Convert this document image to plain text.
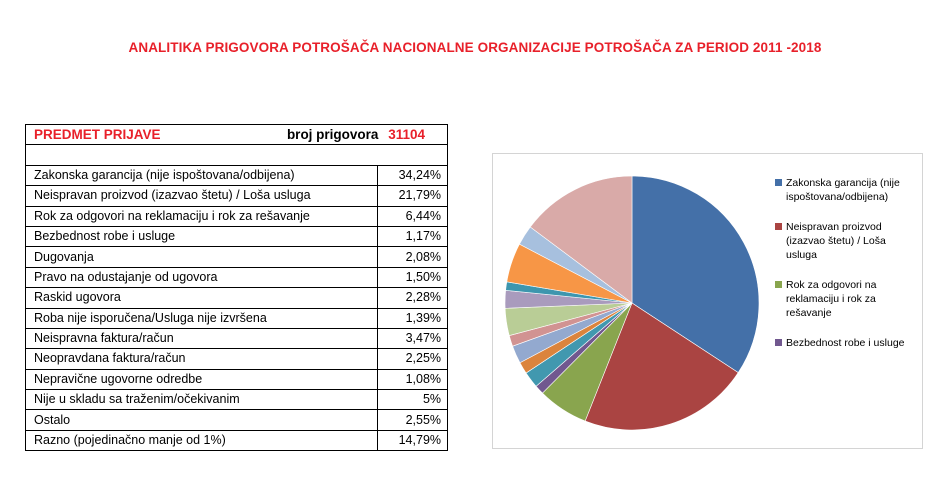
ANALITIKA PRIGOVORA POTROŠAČA NACIONALNE ORGANIZACIJE POTROŠAČA ZA PERIOD 2011 -2018
PREDMET PRIJAVE broj prigovora 31104	

Zakonska garancija (nije ispoštovana/odbijena)	34,24%
Neispravan proizvod (izazvao štetu) / Loša usluga	21,79%
Rok za odgovori na reklamaciju i rok za rešavanje	6,44%
Bezbednost robe i usluge	1,17%
Dugovanja	2,08%
Pravo na odustajanje od ugovora	1,50%
Raskid ugovora	2,28%
Roba nije isporučena/Usluga nije izvršena	1,39%
Neispravna faktura/račun	3,47%
Neopravdana faktura/račun	2,25%
Nepravične ugovorne odredbe	1,08%
Nije u skladu sa traženim/očekivanim	5%
Ostalo	2,55%
Razno (pojedinačno manje od 1%)	14,79%
Zakonska garancija (nije ispoštovana/odbijena)
Neispravan proizvod (izazvao štetu) / Loša usluga
Rok za odgovori na reklamaciju i rok za rešavanje
Bezbednost robe i usluge
